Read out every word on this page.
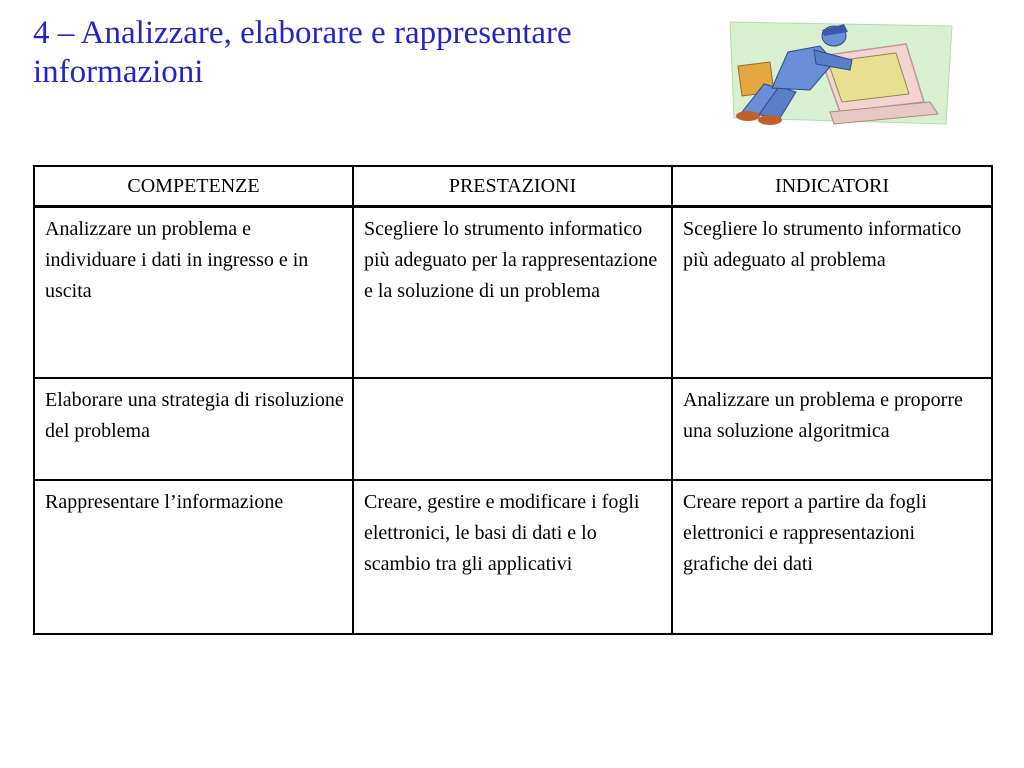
4 – Analizzare, elaborare e rappresentare
informazioni
COMPETENZE	PRESTAZIONI	INDICATORI
Analizzare un problema e individuare i dati in ingresso e in uscita	Scegliere lo strumento informatico più adeguato per la rappresentazione e la soluzione di un problema	Scegliere lo strumento informatico più adeguato al problema
Elaborare una strategia di risoluzione del problema		Analizzare un problema e proporre una soluzione algoritmica
Rappresentare l’informazione	Creare, gestire e modificare i fogli elettronici, le basi di dati e lo scambio tra gli applicativi	Creare report a partire da fogli elettronici e rappresentazioni grafiche dei dati
